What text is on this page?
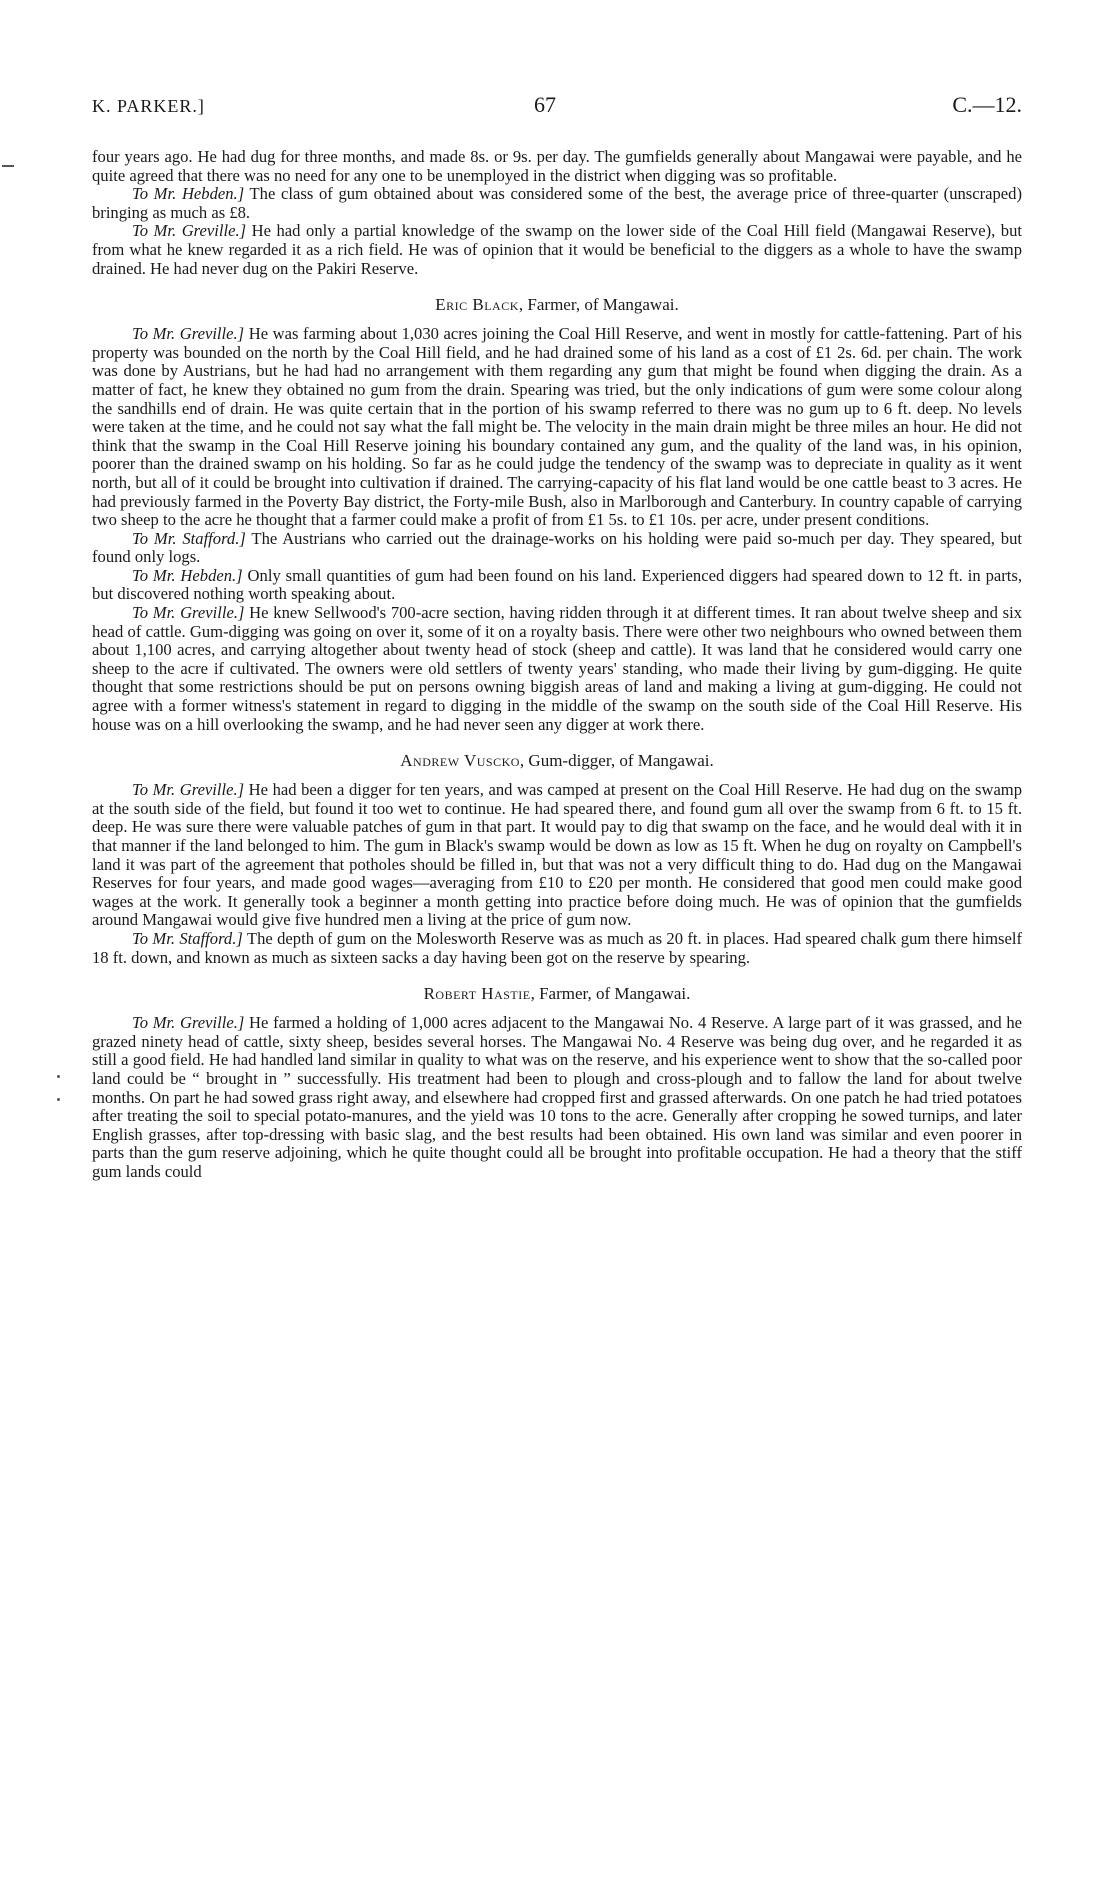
K. PARKER.]	67	C.—12.

four years ago. He had dug for three months, and made 8s. or 9s. per day. The gumfields generally about Mangawai were payable, and he quite agreed that there was no need for any one to be unemployed in the district when digging was so profitable.

To Mr. Hebden.] The class of gum obtained about was considered some of the best, the average price of three-quarter (unscraped) bringing as much as £8.

To Mr. Greville.] He had only a partial knowledge of the swamp on the lower side of the Coal Hill field (Mangawai Reserve), but from what he knew regarded it as a rich field. He was of opinion that it would be beneficial to the diggers as a whole to have the swamp drained. He had never dug on the Pakiri Reserve.

Eric Black, Farmer, of Mangawai.

To Mr. Greville.] He was farming about 1,030 acres joining the Coal Hill Reserve, and went in mostly for cattle-fattening. Part of his property was bounded on the north by the Coal Hill field, and he had drained some of his land as a cost of £1 2s. 6d. per chain. The work was done by Austrians, but he had had no arrangement with them regarding any gum that might be found when digging the drain. As a matter of fact, he knew they obtained no gum from the drain. Spearing was tried, but the only indications of gum were some colour along the sandhills end of drain. He was quite certain that in the portion of his swamp referred to there was no gum up to 6 ft. deep. No levels were taken at the time, and he could not say what the fall might be. The velocity in the main drain might be three miles an hour. He did not think that the swamp in the Coal Hill Reserve joining his boundary contained any gum, and the quality of the land was, in his opinion, poorer than the drained swamp on his holding. So far as he could judge the tendency of the swamp was to depreciate in quality as it went north, but all of it could be brought into cultivation if drained. The carrying-capacity of his flat land would be one cattle beast to 3 acres. He had previously farmed in the Poverty Bay district, the Forty-mile Bush, also in Marlborough and Canterbury. In country capable of carrying two sheep to the acre he thought that a farmer could make a profit of from £1 5s. to £1 10s. per acre, under present conditions.

To Mr. Stafford.] The Austrians who carried out the drainage-works on his holding were paid so-much per day. They speared, but found only logs.

To Mr. Hebden.] Only small quantities of gum had been found on his land. Experienced diggers had speared down to 12 ft. in parts, but discovered nothing worth speaking about.

To Mr. Greville.] He knew Sellwood's 700-acre section, having ridden through it at different times. It ran about twelve sheep and six head of cattle. Gum-digging was going on over it, some of it on a royalty basis. There were other two neighbours who owned between them about 1,100 acres, and carrying altogether about twenty head of stock (sheep and cattle). It was land that he considered would carry one sheep to the acre if cultivated. The owners were old settlers of twenty years' standing, who made their living by gum-digging. He quite thought that some restrictions should be put on persons owning biggish areas of land and making a living at gum-digging. He could not agree with a former witness's statement in regard to digging in the middle of the swamp on the south side of the Coal Hill Reserve. His house was on a hill overlooking the swamp, and he had never seen any digger at work there.

Andrew Vuscko, Gum-digger, of Mangawai.

To Mr. Greville.] He had been a digger for ten years, and was camped at present on the Coal Hill Reserve. He had dug on the swamp at the south side of the field, but found it too wet to continue. He had speared there, and found gum all over the swamp from 6 ft. to 15 ft. deep. He was sure there were valuable patches of gum in that part. It would pay to dig that swamp on the face, and he would deal with it in that manner if the land belonged to him. The gum in Black's swamp would be down as low as 15 ft. When he dug on royalty on Campbell's land it was part of the agreement that potholes should be filled in, but that was not a very difficult thing to do. Had dug on the Mangawai Reserves for four years, and made good wages—averaging from £10 to £20 per month. He considered that good men could make good wages at the work. It generally took a beginner a month getting into practice before doing much. He was of opinion that the gumfields around Mangawai would give five hundred men a living at the price of gum now.

To Mr. Stafford.] The depth of gum on the Molesworth Reserve was as much as 20 ft. in places. Had speared chalk gum there himself 18 ft. down, and known as much as sixteen sacks a day having been got on the reserve by spearing.

Robert Hastie, Farmer, of Mangawai.

To Mr. Greville.] He farmed a holding of 1,000 acres adjacent to the Mangawai No. 4 Reserve. A large part of it was grassed, and he grazed ninety head of cattle, sixty sheep, besides several horses. The Mangawai No. 4 Reserve was being dug over, and he regarded it as still a good field. He had handled land similar in quality to what was on the reserve, and his experience went to show that the so-called poor land could be “ brought in ” successfully. His treatment had been to plough and cross-plough and to fallow the land for about twelve months. On part he had sowed grass right away, and elsewhere had cropped first and grassed afterwards. On one patch he had tried potatoes after treating the soil to special potato-manures, and the yield was 10 tons to the acre. Generally after cropping he sowed turnips, and later English grasses, after top-dressing with basic slag, and the best results had been obtained. His own land was similar and even poorer in parts than the gum reserve adjoining, which he quite thought could all be brought into profitable occupation. He had a theory that the stiff gum lands could
